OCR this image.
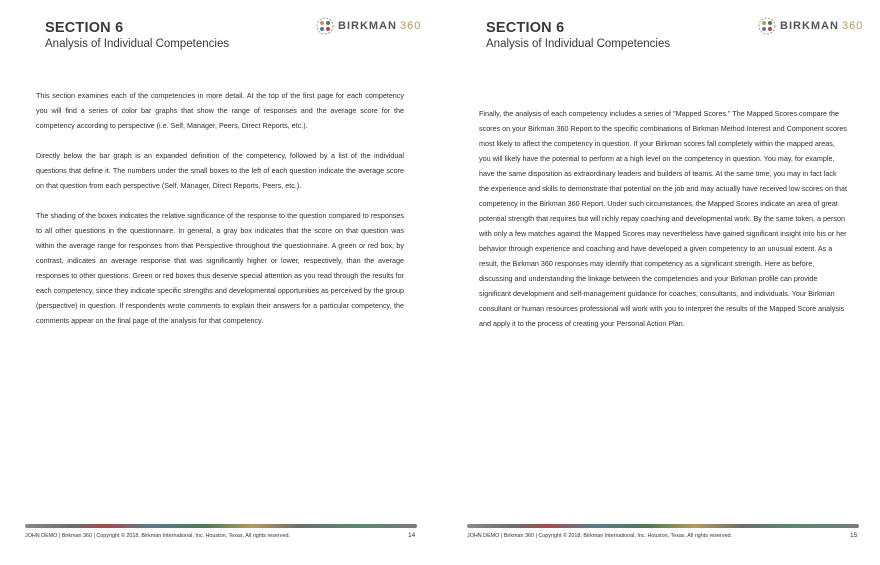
SECTION 6
Analysis of Individual Competencies
BIRKMAN 360

This section examines each of the competencies in more detail. At the top of the first page for each competency you will find a series of color bar graphs that show the range of responses and the average score for the competency according to perspective (i.e. Self, Manager, Peers, Direct Reports, etc.).

Directly below the bar graph is an expanded definition of the competency, followed by a list of the individual questions that define it. The numbers under the small boxes to the left of each question indicate the average score on that question from each perspective (Self, Manager, Direct Reports, Peers, etc.).

The shading of the boxes indicates the relative significance of the response to the question compared to responses to all other questions in the questionnaire. In general, a gray box indicates that the score on that question was within the average range for responses from that Perspective throughout the questionnaire. A green or red box, by contrast, indicates an average response that was significantly higher or lower, respectively, than the average responses to other questions. Green or red boxes thus deserve special attention as you read through the results for each competency, since they indicate specific strengths and developmental opportunities as perceived by the group (perspective) in question. If respondents wrote comments to explain their answers for a particular competency, the comments appear on the final page of the analysis for that competency.

JOHN DEMO | Birkman 360 | Copyright © 2018, Birkman International, Inc. Houston, Texas. All rights reserved.	14
SECTION 6
Analysis of Individual Competencies
BIRKMAN 360
Finally, the analysis of each competency includes a series of "Mapped Scores." The Mapped Scores compare the scores on your Birkman 360 Report to the specific combinations of Birkman Method Interest and Component scores most likely to affect the competency in question. If your Birkman scores fall completely within the mapped areas, you will likely have the potential to perform at a high level on the competency in question. You may, for example, have the same disposition as extraordinary leaders and builders of teams. At the same time, you may in fact lack the experience and skills to demonstrate that potential on the job and may actually have received low scores on that competency in the Birkman 360 Report. Under such circumstances, the Mapped Scores indicate an area of great potential strength that requires but will richly repay coaching and developmental work. By the same token, a person with only a few matches against the Mapped Scores may nevertheless have gained significant insight into his or her behavior through experience and coaching and have developed a given competency to an unusual extent. As a result, the Birkman 360 responses may identify that competency as a significant strength. Here as before, discussing and understanding the linkage between the competencies and your Birkman profile can provide significant development and self-management guidance for coaches, consultants, and individuals. Your Birkman consultant or human resources professional will work with you to interpret the results of the Mapped Score analysis and apply it to the process of creating your Personal Action Plan.
JOHN DEMO | Birkman 360 | Copyright © 2018, Birkman International, Inc. Houston, Texas. All rights reserved.	15
